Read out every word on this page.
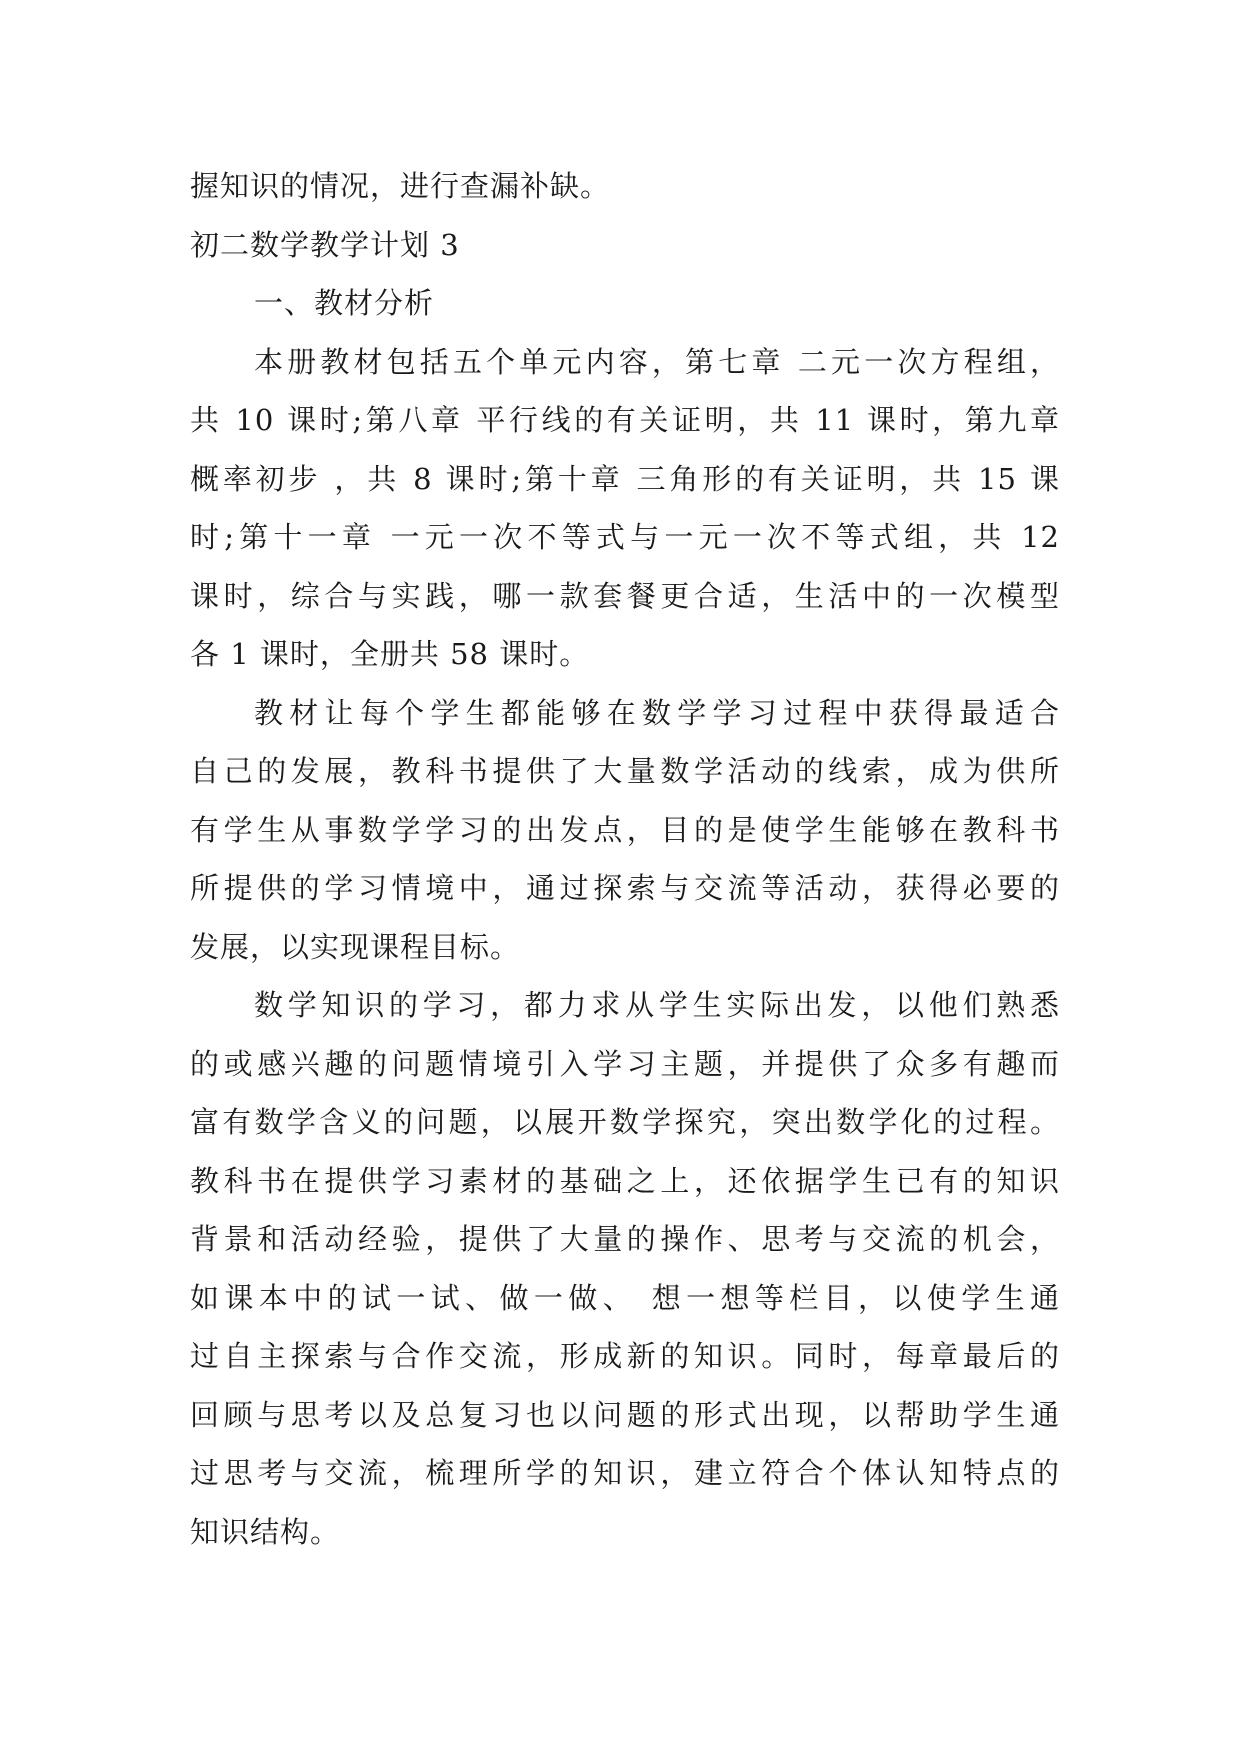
握知识的情况，进行查漏补缺。
初二数学教学计划 3
一、教材分析
本册教材包括五个单元内容，第七章 二元一次方程组，
共 10 课时;第八章 平行线的有关证明，共 11 课时，第九章
概率初步 ，共 8 课时;第十章 三角形的有关证明，共 15 课
时;第十一章 一元一次不等式与一元一次不等式组，共 12
课时，综合与实践，哪一款套餐更合适，生活中的一次模型
各 1 课时，全册共 58 课时。
教材让每个学生都能够在数学学习过程中获得最适合
自己的发展，教科书提供了大量数学活动的线索，成为供所
有学生从事数学学习的出发点，目的是使学生能够在教科书
所提供的学习情境中，通过探索与交流等活动，获得必要的
发展，以实现课程目标。
数学知识的学习，都力求从学生实际出发，以他们熟悉
的或感兴趣的问题情境引入学习主题，并提供了众多有趣而
富有数学含义的问题，以展开数学探究，突出数学化的过程。
教科书在提供学习素材的基础之上，还依据学生已有的知识
背景和活动经验，提供了大量的操作、思考与交流的机会，
如课本中的试一试、做一做、 想一想等栏目，以使学生通
过自主探索与合作交流，形成新的知识。同时，每章最后的
回顾与思考以及总复习也以问题的形式出现，以帮助学生通
过思考与交流，梳理所学的知识，建立符合个体认知特点的
知识结构。
